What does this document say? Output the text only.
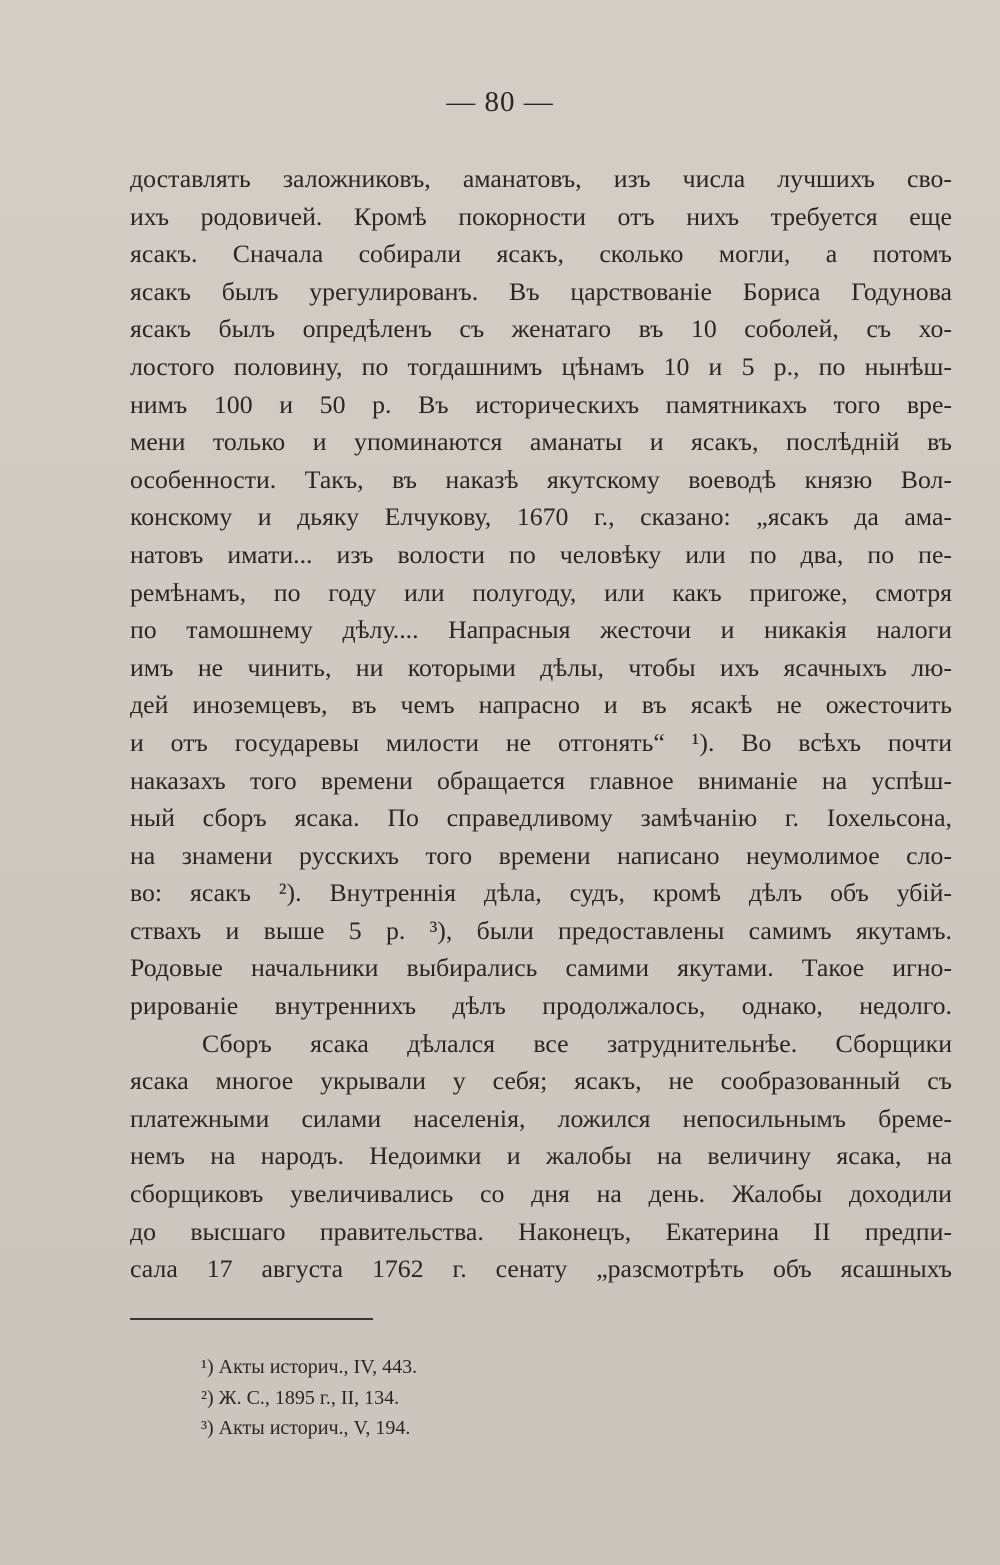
— 80 —
доставлять заложниковъ, аманатовъ, изъ числа лучшихъ сво-
ихъ родовичей. Кромѣ покорности отъ нихъ требуется еще
ясакъ. Сначала собирали ясакъ, сколько могли, а потомъ
ясакъ былъ урегулированъ. Въ царствованіе Бориса Годунова
ясакъ былъ опредѣленъ съ женатаго въ 10 соболей, съ хо-
лостого половину, по тогдашнимъ цѣнамъ 10 и 5 р., по нынѣш-
нимъ 100 и 50 р. Въ историческихъ памятникахъ того вре-
мени только и упоминаются аманаты и ясакъ, послѣдній въ
особенности. Такъ, въ наказѣ якутскому воеводѣ князю Вол-
конскому и дьяку Елчукову, 1670 г., сказано: „ясакъ да ама-
натовъ имати... изъ волости по человѣку или по два, по пе-
ремѣнамъ, по году или полугоду, или какъ пригоже, смотря
по тамошнему дѣлу.... Напрасныя жесточи и никакія налоги
имъ не чинить, ни которыми дѣлы, чтобы ихъ ясачныхъ лю-
дей иноземцевъ, въ чемъ напрасно и въ ясакѣ не ожесточить
и отъ государевы милости не отгонять“ ¹). Во всѣхъ почти
наказахъ того времени обращается главное вниманіе на успѣш-
ный сборъ ясака. По справедливому замѣчанію г. Іохельсона,
на знамени русскихъ того времени написано неумолимое сло-
во: ясакъ ²). Внутреннія дѣла, судъ, кромѣ дѣлъ объ убій-
ствахъ и выше 5 р. ³), были предоставлены самимъ якутамъ.
Родовые начальники выбирались самими якутами. Такое игно-
рированіе внутреннихъ дѣлъ продолжалось, однако, недолго.
Сборъ ясака дѣлался все затруднительнѣе. Сборщики
ясака многое укрывали у себя; ясакъ, не сообразованный съ
платежными силами населенія, ложился непосильнымъ бреме-
немъ на народъ. Недоимки и жалобы на величину ясака, на
сборщиковъ увеличивались со дня на день. Жалобы доходили
до высшаго правительства. Наконецъ, Екатерина II предпи-
сала 17 августа 1762 г. сенату „разсмотрѣть объ ясашныхъ
¹) Акты историч., IV, 443.
²) Ж. С., 1895 г., II, 134.
³) Акты историч., V, 194.
